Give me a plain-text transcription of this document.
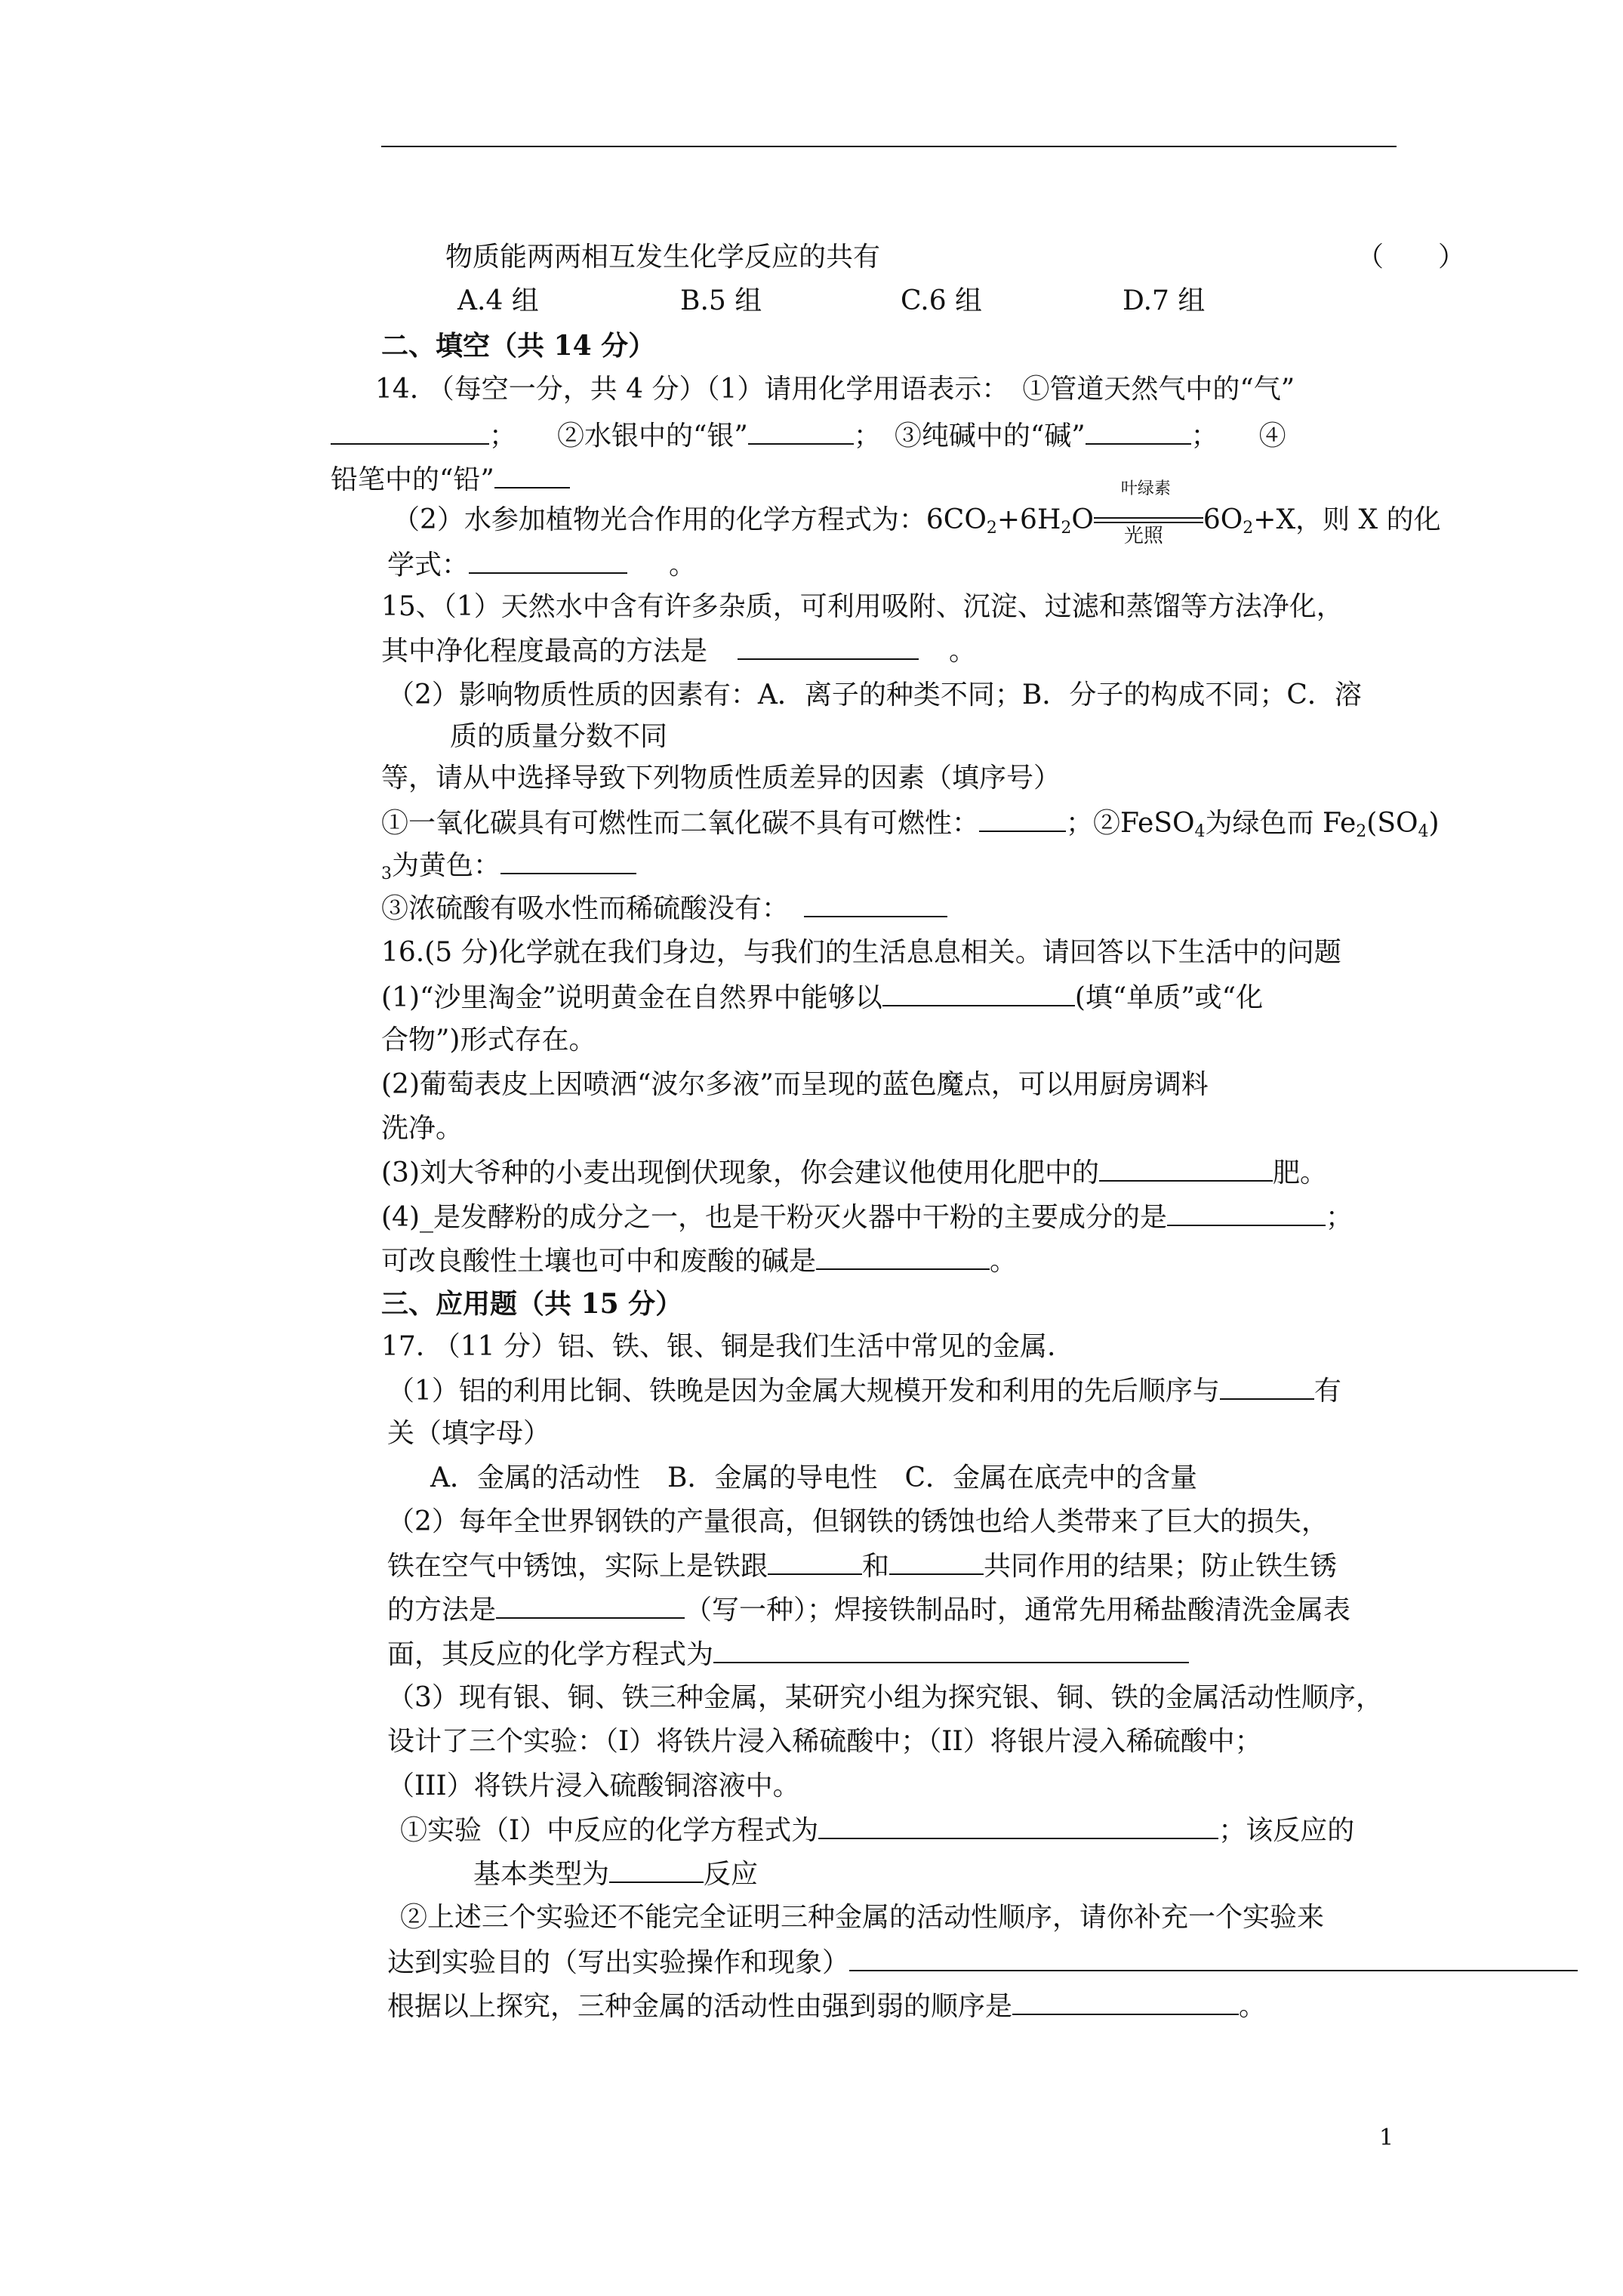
物质能两两相互发生化学反应的共有	（　　）
A.4 组	B.5 组	C.6 组	D.7 组
二、填空（共 14 分）
14. （每空一分，共 4 分）（1）请用化学用语表示：　①管道天然气中的“气”
；　　②水银中的“银”	；　③纯碱中的“碱”	；　　④
铅笔中的“铅”
（2）水参加植物光合作用的化学方程式为：$6CO_2+6H_2O$
叶绿素
光照
$6O_2+X$，则 X 的化
学式：	。
15、（1）天然水中含有许多杂质，可利用吸附、沉淀、过滤和蒸馏等方法净化，
其中净化程度最高的方法是	。
（2）影响物质性质的因素有：A．离子的种类不同；B．分子的构成不同；C．溶
质的质量分数不同
等，请从中选择导致下列物质性质差异的因素（填序号）
①一氧化碳具有可燃性而二氧化碳不具有可燃性：	；②FeSO$_4$为绿色而 $Fe_2(SO_4)$
$_3$为黄色：
③浓硫酸有吸水性而稀硫酸没有：
16.(5 分)化学就在我们身边，与我们的生活息息相关。请回答以下生活中的问题
(1)“沙里淘金”说明黄金在自然界中能够以	(填“单质”或“化
合物”)形式存在。
(2)葡萄表皮上因喷洒“波尔多液”而呈现的蓝色魔点，可以用厨房调料
洗净。
(3)刘大爷种的小麦出现倒伏现象，你会建议他使用化肥中的	肥。
(4)_是发酵粉的成分之一，也是干粉灭火器中干粉的主要成分的是	；
可改良酸性土壤也可中和废酸的碱是	。
三、应用题（共 15 分）
17. （11 分）铝、铁、银、铜是我们生活中常见的金属.
（1）铝的利用比铜、铁晚是因为金属大规模开发和利用的先后顺序与	有
关（填字母）
A．金属的活动性　B．金属的导电性　C．金属在底壳中的含量
（2）每年全世界钢铁的产量很高，但钢铁的锈蚀也给人类带来了巨大的损失，
铁在空气中锈蚀，实际上是铁跟	和	共同作用的结果；防止铁生锈
的方法是	（写一种）；焊接铁制品时，通常先用稀盐酸清洗金属表
面，其反应的化学方程式为
（3）现有银、铜、铁三种金属，某研究小组为探究银、铜、铁的金属活动性顺序，
设计了三个实验：（I）将铁片浸入稀硫酸中；（II）将银片浸入稀硫酸中；
（III）将铁片浸入硫酸铜溶液中。
①实验（I）中反应的化学方程式为	；该反应的
基本类型为	反应
②上述三个实验还不能完全证明三种金属的活动性顺序，请你补充一个实验来
达到实验目的（写出实验操作和现象）
根据以上探究，三种金属的活动性由强到弱的顺序是	。
1
